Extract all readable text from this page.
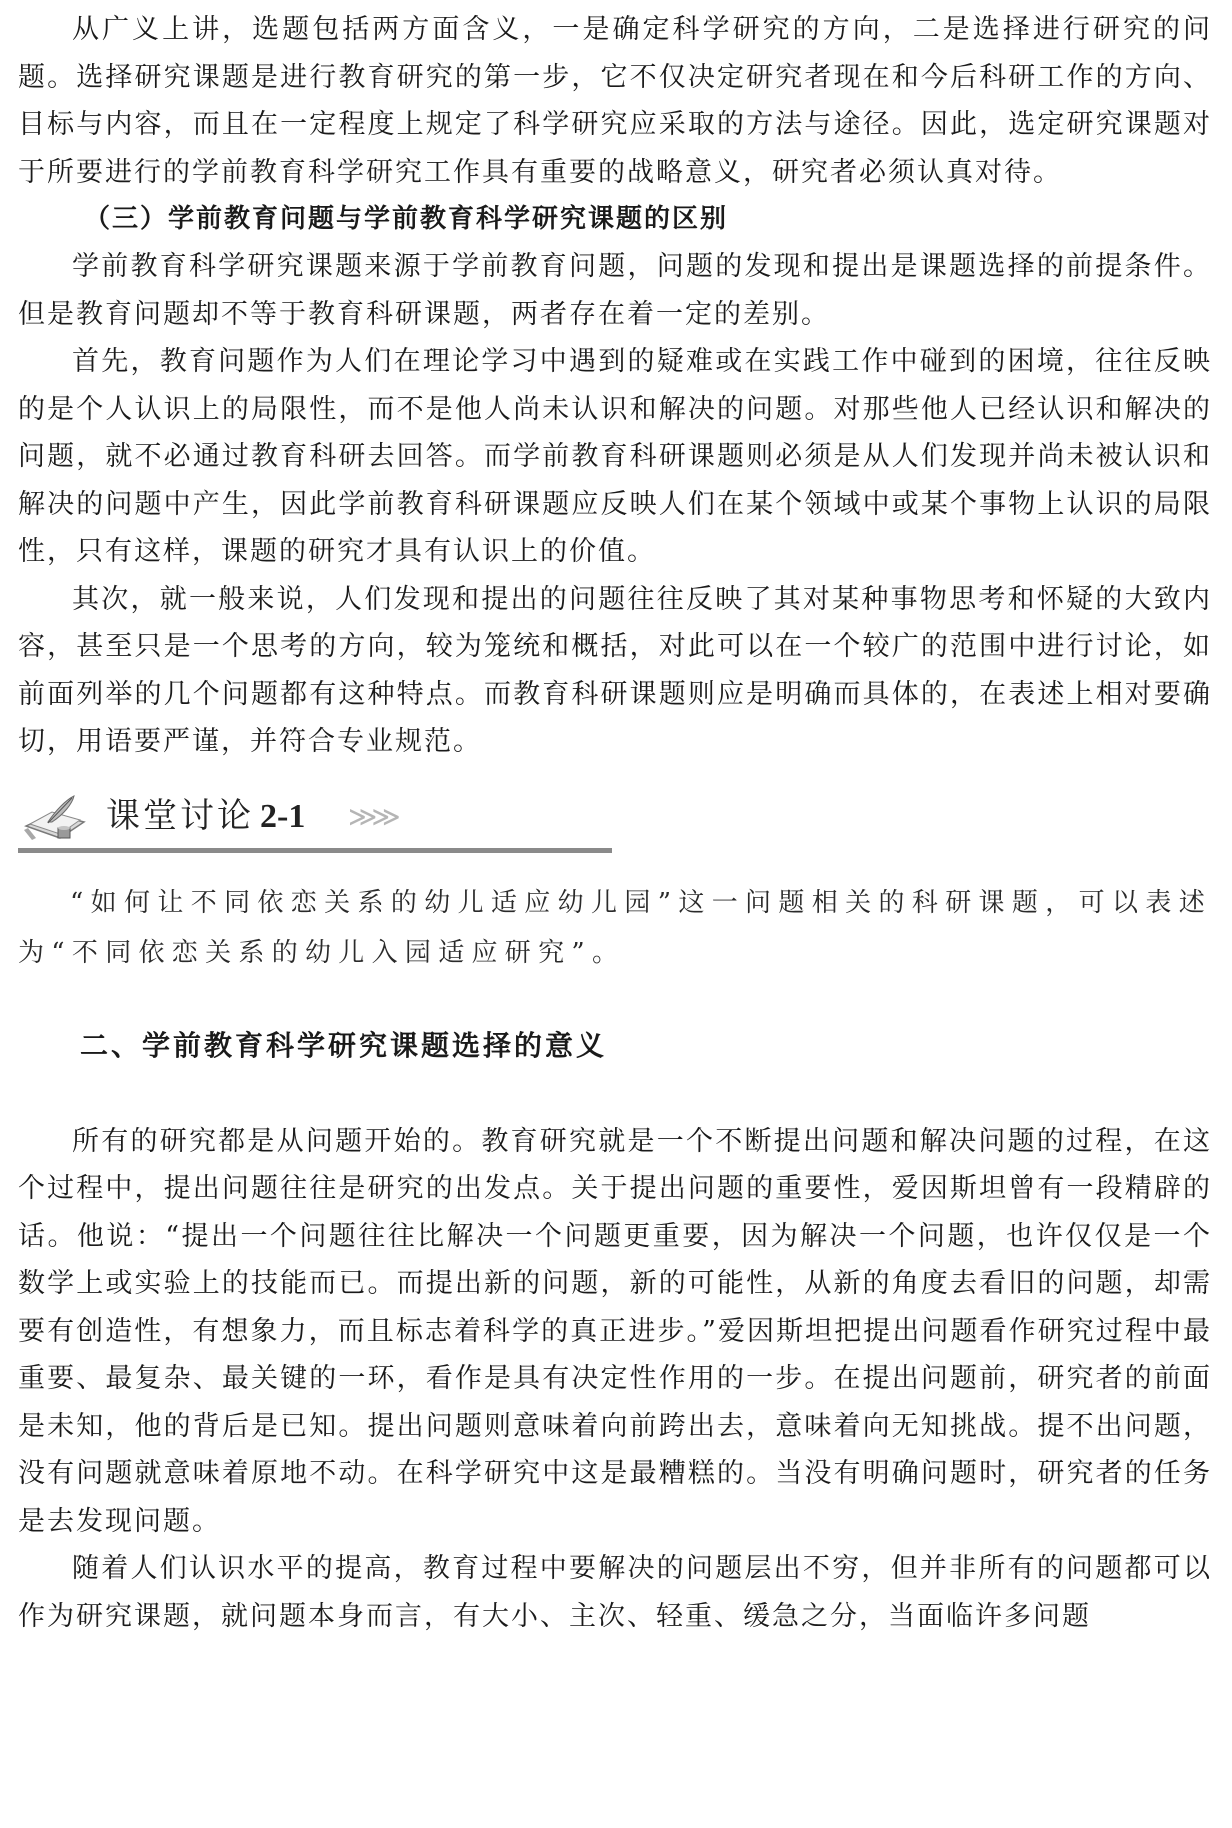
从广义上讲，选题包括两方面含义，一是确定科学研究的方向，二是选择进行研究的问题。选择研究课题是进行教育研究的第一步，它不仅决定研究者现在和今后科研工作的方向、目标与内容，而且在一定程度上规定了科学研究应采取的方法与途径。因此，选定研究课题对于所要进行的学前教育科学研究工作具有重要的战略意义，研究者必须认真对待。

（三）学前教育问题与学前教育科学研究课题的区别

学前教育科学研究课题来源于学前教育问题，问题的发现和提出是课题选择的前提条件。但是教育问题却不等于教育科研课题，两者存在着一定的差别。

首先，教育问题作为人们在理论学习中遇到的疑难或在实践工作中碰到的困境，往往反映的是个人认识上的局限性，而不是他人尚未认识和解决的问题。对那些他人已经认识和解决的问题，就不必通过教育科研去回答。而学前教育科研课题则必须是从人们发现并尚未被认识和解决的问题中产生，因此学前教育科研课题应反映人们在某个领域中或某个事物上认识的局限性，只有这样，课题的研究才具有认识上的价值。

其次，就一般来说，人们发现和提出的问题往往反映了其对某种事物思考和怀疑的大致内容，甚至只是一个思考的方向，较为笼统和概括，对此可以在一个较广的范围中进行讨论，如前面列举的几个问题都有这种特点。而教育科研课题则应是明确而具体的，在表述上相对要确切，用语要严谨，并符合专业规范。

课堂讨论 2-1 ≫≫

“如何让不同依恋关系的幼儿适应幼儿园”这一问题相关的科研课题，可以表述为“不同依恋关系的幼儿入园适应研究”。

二、学前教育科学研究课题选择的意义

所有的研究都是从问题开始的。教育研究就是一个不断提出问题和解决问题的过程，在这个过程中，提出问题往往是研究的出发点。关于提出问题的重要性，爱因斯坦曾有一段精辟的话。他说：“提出一个问题往往比解决一个问题更重要，因为解决一个问题，也许仅仅是一个数学上或实验上的技能而已。而提出新的问题，新的可能性，从新的角度去看旧的问题，却需要有创造性，有想象力，而且标志着科学的真正进步。”爱因斯坦把提出问题看作研究过程中最重要、最复杂、最关键的一环，看作是具有决定性作用的一步。在提出问题前，研究者的前面是未知，他的背后是已知。提出问题则意味着向前跨出去，意味着向无知挑战。提不出问题，没有问题就意味着原地不动。在科学研究中这是最糟糕的。当没有明确问题时，研究者的任务是去发现问题。

随着人们认识水平的提高，教育过程中要解决的问题层出不穷，但并非所有的问题都可以作为研究课题，就问题本身而言，有大小、主次、轻重、缓急之分，当面临许多问题
